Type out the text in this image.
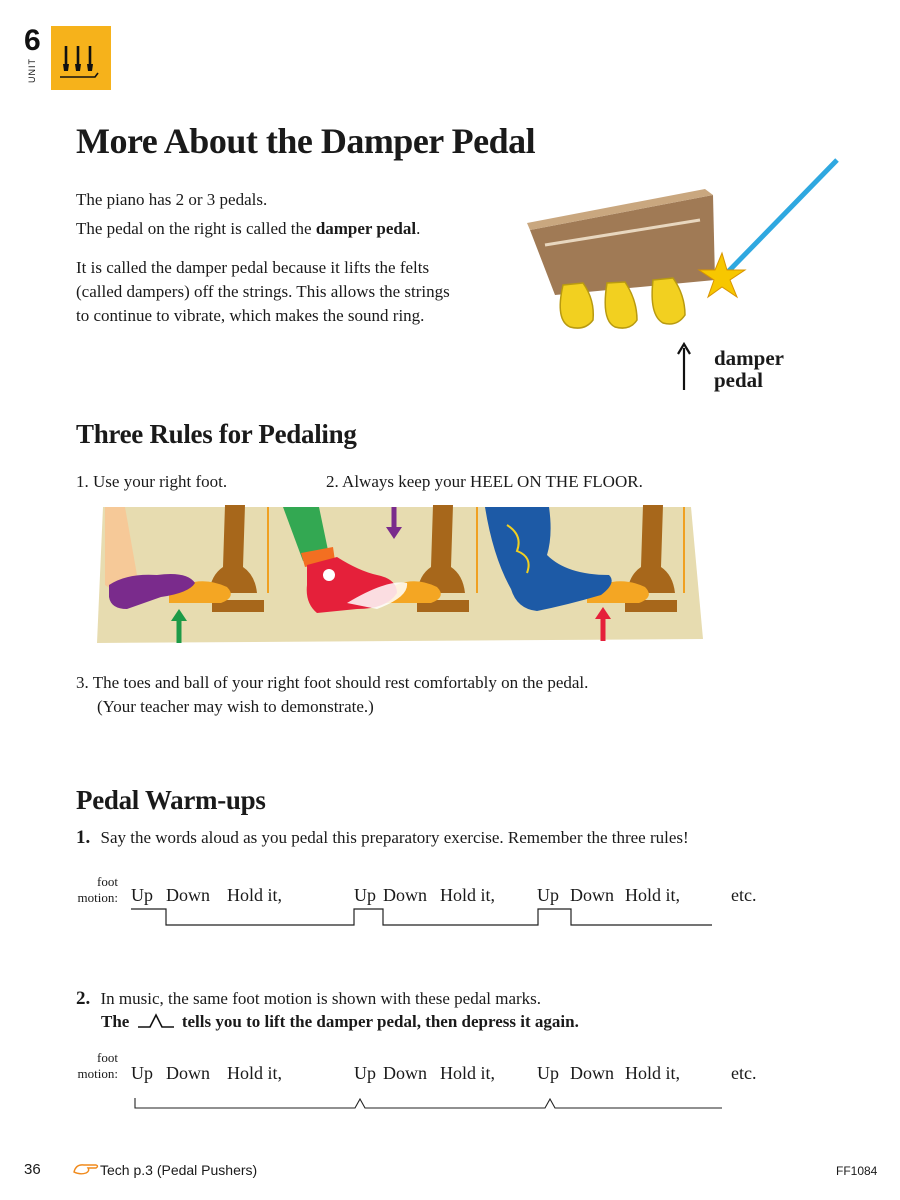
6
UNIT
More About the Damper Pedal
The piano has 2 or 3 pedals.
The pedal on the right is called the damper pedal.
It is called the damper pedal because it lifts the felts
(called dampers) off the strings. This allows the strings
to continue to vibrate, which makes the sound ring.
damper
pedal
Three Rules for Pedaling
1. Use your right foot.	2. Always keep your HEEL ON THE FLOOR.
3. The toes and ball of your right foot should rest comfortably on the pedal.
(Your teacher may wish to demonstrate.)
Pedal Warm-ups
1. Say the words aloud as you pedal this preparatory exercise. Remember the three rules!
foot
motion: Up Down Hold it,	Up Down Hold it, Up Down Hold it,	etc.
2. In music, the same foot motion is shown with these pedal marks.
The	tells you to lift the damper pedal, then depress it again.
foot
motion: Up Down Hold it,	Up Down Hold it, Up Down Hold it,	etc.
36	Tech p.3 (Pedal Pushers)	FF1084
